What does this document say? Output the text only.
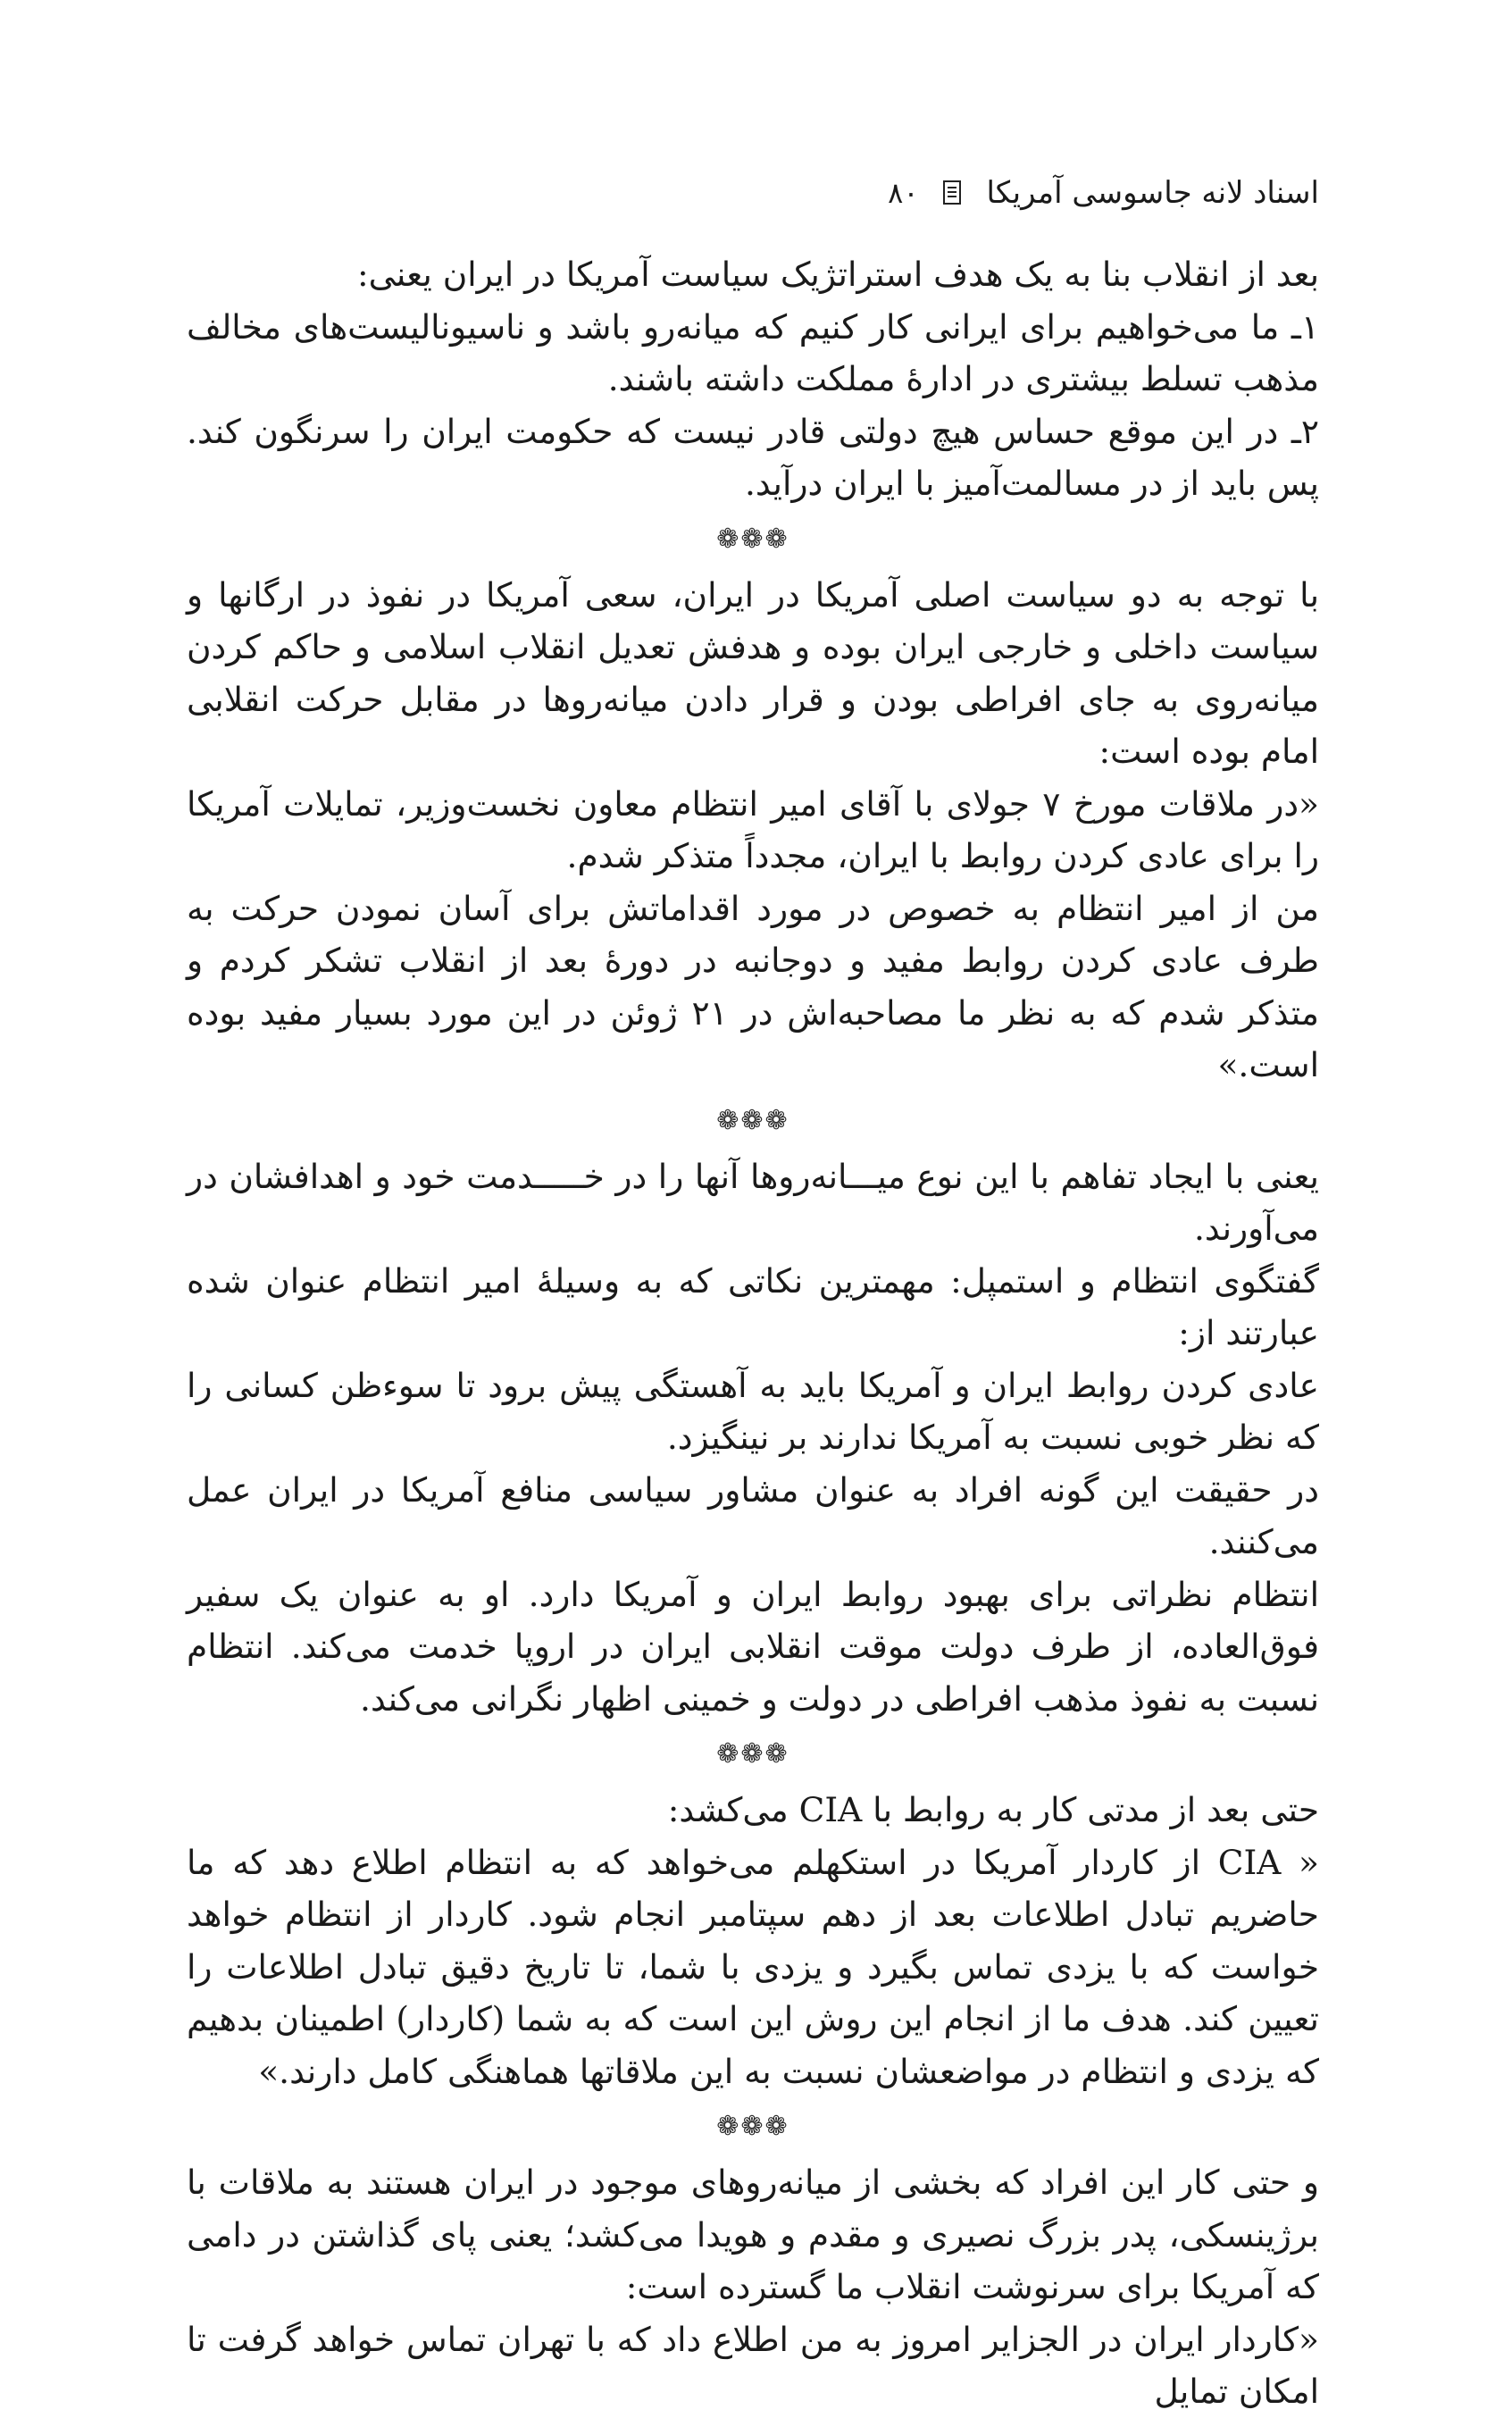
اسناد لانه جاسوسی آمریکا
۸۰

بعد از انقلاب بنا به یک هدف استراتژیک سیاست آمریکا در ایران یعنی:

۱ـ ما می‌خواهیم برای ایرانی کار کنیم که میانه‌رو باشد و ناسیونالیست‌های مخالف مذهب تسلط بیشتری در ادارهٔ مملکت داشته باشند.

۲ـ در این موقع حساس هیچ دولتی قادر نیست که حکومت ایران را سرنگون کند. پس باید از در مسالمت‌آمیز با ایران درآید.

❁❁❁

با توجه به دو سیاست اصلی آمریکا در ایران، سعی آمریکا در نفوذ در ارگانها و سیاست داخلی و خارجی ایران بوده و هدفش تعدیل انقلاب اسلامی و حاکم کردن میانه‌روی به جای افراطی بودن و قرار دادن میانه‌روها در مقابل حرکت انقلابی امام بوده است:

«در ملاقات مورخ ۷ جولای با آقای امیر انتظام معاون نخست‌وزیر، تمایلات آمریکا را برای عادی کردن روابط با ایران، مجدداً متذکر شدم.

من از امیر انتظام به خصوص در مورد اقداماتش برای آسان نمودن حرکت به طرف عادی کردن روابط مفید و دوجانبه در دورهٔ بعد از انقلاب تشکر کردم و متذکر شدم که به نظر ما مصاحبه‌اش در ۲۱ ژوئن در این مورد بسیار مفید بوده است.»

❁❁❁

یعنی با ایجاد تفاهم با این نوع میـــانه‌روها آنها را در خـــــدمت خود و اهدافشان در می‌آورند.

گفتگوی انتظام و استمپل: مهمترین نکاتی که به وسیلهٔ امیر انتظام عنوان شده عبارتند از:

عادی کردن روابط ایران و آمریکا باید به آهستگی پیش برود تا سوء‌ظن کسانی را که نظر خوبی نسبت به آمریکا ندارند بر نینگیزد.

در حقیقت این گونه افراد به عنوان مشاور سیاسی منافع آمریکا در ایران عمل می‌کنند.

انتظام نظراتی برای بهبود روابط ایران و آمریکا دارد. او به عنوان یک سفیر فوق‌العاده، از طرف دولت موقت انقلابی ایران در اروپا خدمت می‌کند. انتظام نسبت به نفوذ مذهب افراطی در دولت و خمینی اظهار نگرانی می‌کند.

❁❁❁

حتی بعد از مدتی کار به روابط با CIA می‌کشد:

« CIA از کاردار آمریکا در استکهلم می‌خواهد که به انتظام اطلاع دهد که ما حاضریم تبادل اطلاعات بعد از دهم سپتامبر انجام شود. کاردار از انتظام خواهد خواست که با یزدی تماس بگیرد و یزدی با شما، تا تاریخ دقیق تبادل اطلاعات را تعیین کند. هدف ما از انجام این روش این است که به شما (کاردار) اطمینان بدهیم که یزدی و انتظام در مواضعشان نسبت به این ملاقاتها هماهنگی کامل دارند.»

❁❁❁

و حتی کار این افراد که بخشی از میانه‌روهای موجود در ایران هستند به ملاقات با برژینسکی، پدر بزرگ نصیری و مقدم و هویدا می‌کشد؛ یعنی پای گذاشتن در دامی که آمریکا برای سرنوشت انقلاب ما گسترده است:

«کاردار ایران در الجزایر امروز به من اطلاع داد که با تهران تماس خواهد گرفت تا امکان تمایل
